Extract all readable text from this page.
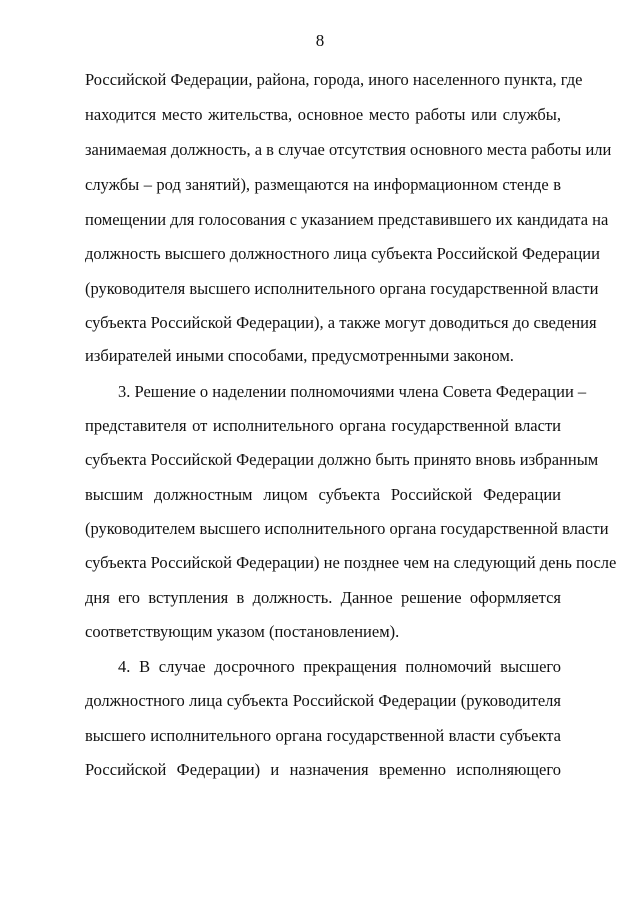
8
Российской Федерации, района, города, иного населенного пункта, где
находится место жительства, основное место работы или службы,
занимаемая должность, а в случае отсутствия основного места работы или
службы – род занятий), размещаются на информационном стенде в
помещении для голосования с указанием представившего их кандидата на
должность высшего должностного лица субъекта Российской Федерации
(руководителя высшего исполнительного органа государственной власти
субъекта Российской Федерации), а также могут доводиться до сведения
избирателей иными способами, предусмотренными законом.
3. Решение о наделении полномочиями члена Совета Федерации –
представителя от исполнительного органа государственной власти
субъекта Российской Федерации должно быть принято вновь избранным
высшим должностным лицом субъекта Российской Федерации
(руководителем высшего исполнительного органа государственной власти
субъекта Российской Федерации) не позднее чем на следующий день после
дня его вступления в должность. Данное решение оформляется
соответствующим указом (постановлением).
4. В случае досрочного прекращения полномочий высшего
должностного лица субъекта Российской Федерации (руководителя
высшего исполнительного органа государственной власти субъекта
Российской Федерации) и назначения временно исполняющего
